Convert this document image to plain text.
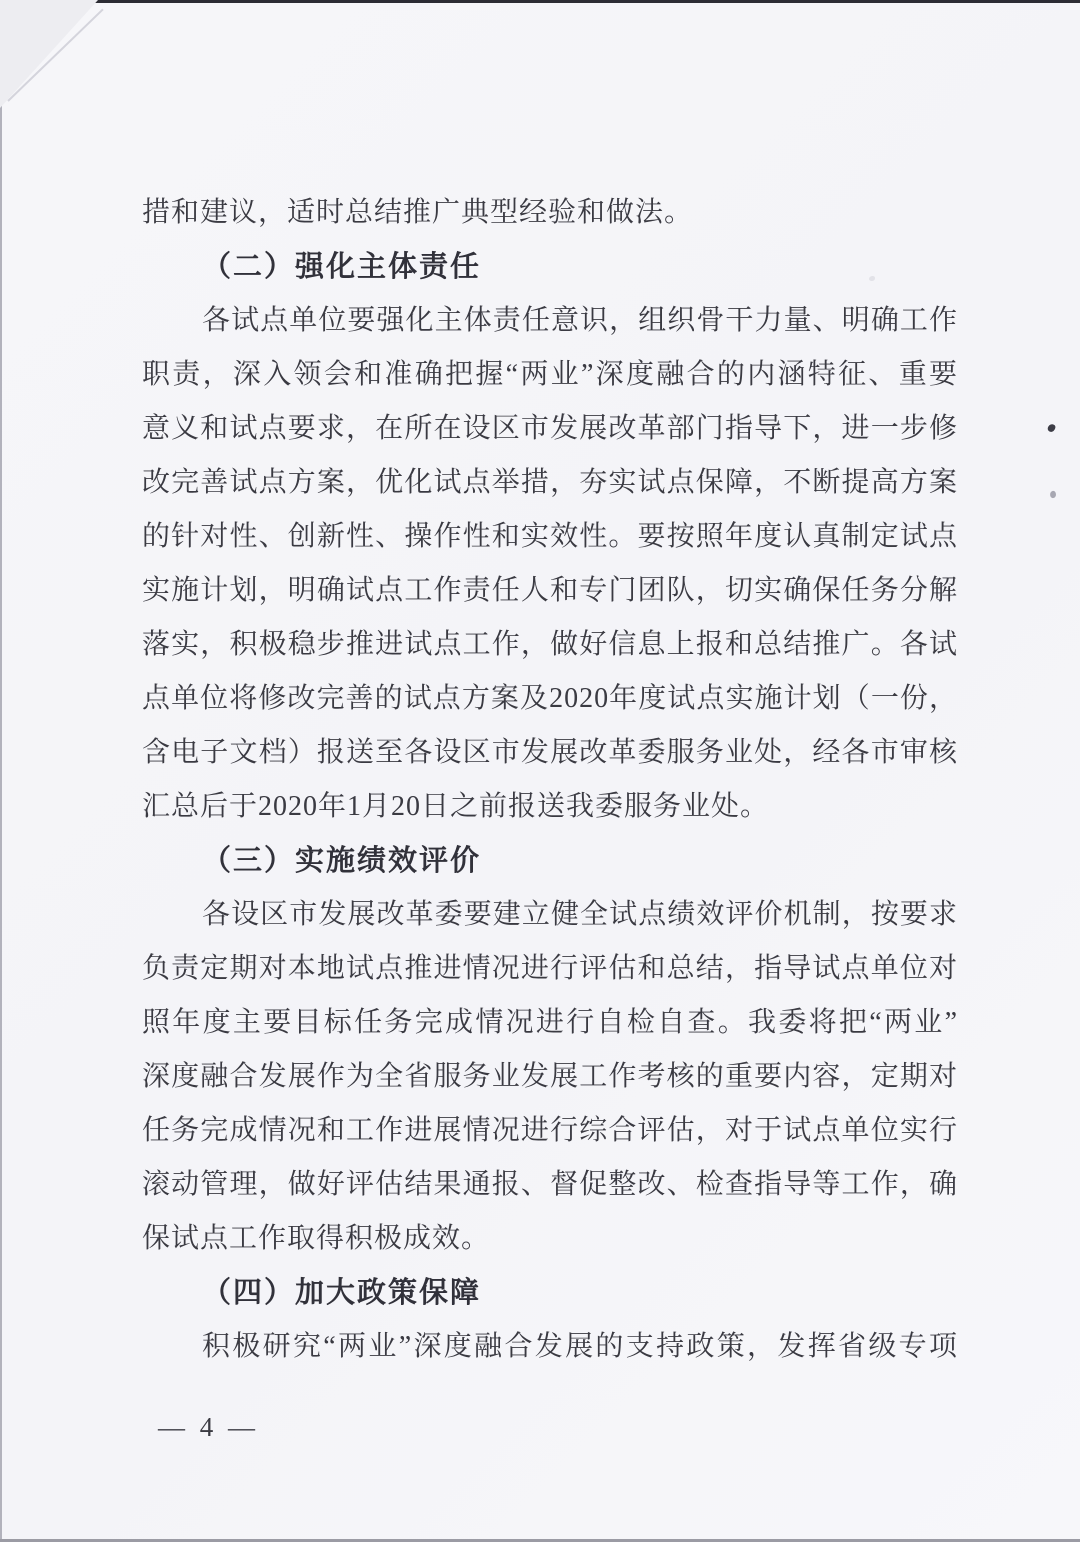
措和建议，适时总结推广典型经验和做法。
（二）强化主体责任
各试点单位要强化主体责任意识，组织骨干力量、明确工作
职责，深入领会和准确把握“两业”深度融合的内涵特征、重要
意义和试点要求，在所在设区市发展改革部门指导下，进一步修
改完善试点方案，优化试点举措，夯实试点保障，不断提高方案
的针对性、创新性、操作性和实效性。要按照年度认真制定试点
实施计划，明确试点工作责任人和专门团队，切实确保任务分解
落实，积极稳步推进试点工作，做好信息上报和总结推广。各试
点单位将修改完善的试点方案及2020年度试点实施计划（一份，
含电子文档）报送至各设区市发展改革委服务业处，经各市审核
汇总后于2020年1月20日之前报送我委服务业处。
（三）实施绩效评价
各设区市发展改革委要建立健全试点绩效评价机制，按要求
负责定期对本地试点推进情况进行评估和总结，指导试点单位对
照年度主要目标任务完成情况进行自检自查。我委将把“两业”
深度融合发展作为全省服务业发展工作考核的重要内容，定期对
任务完成情况和工作进展情况进行综合评估，对于试点单位实行
滚动管理，做好评估结果通报、督促整改、检查指导等工作，确
保试点工作取得积极成效。
（四）加大政策保障
积极研究“两业”深度融合发展的支持政策，发挥省级专项
— 4 —
